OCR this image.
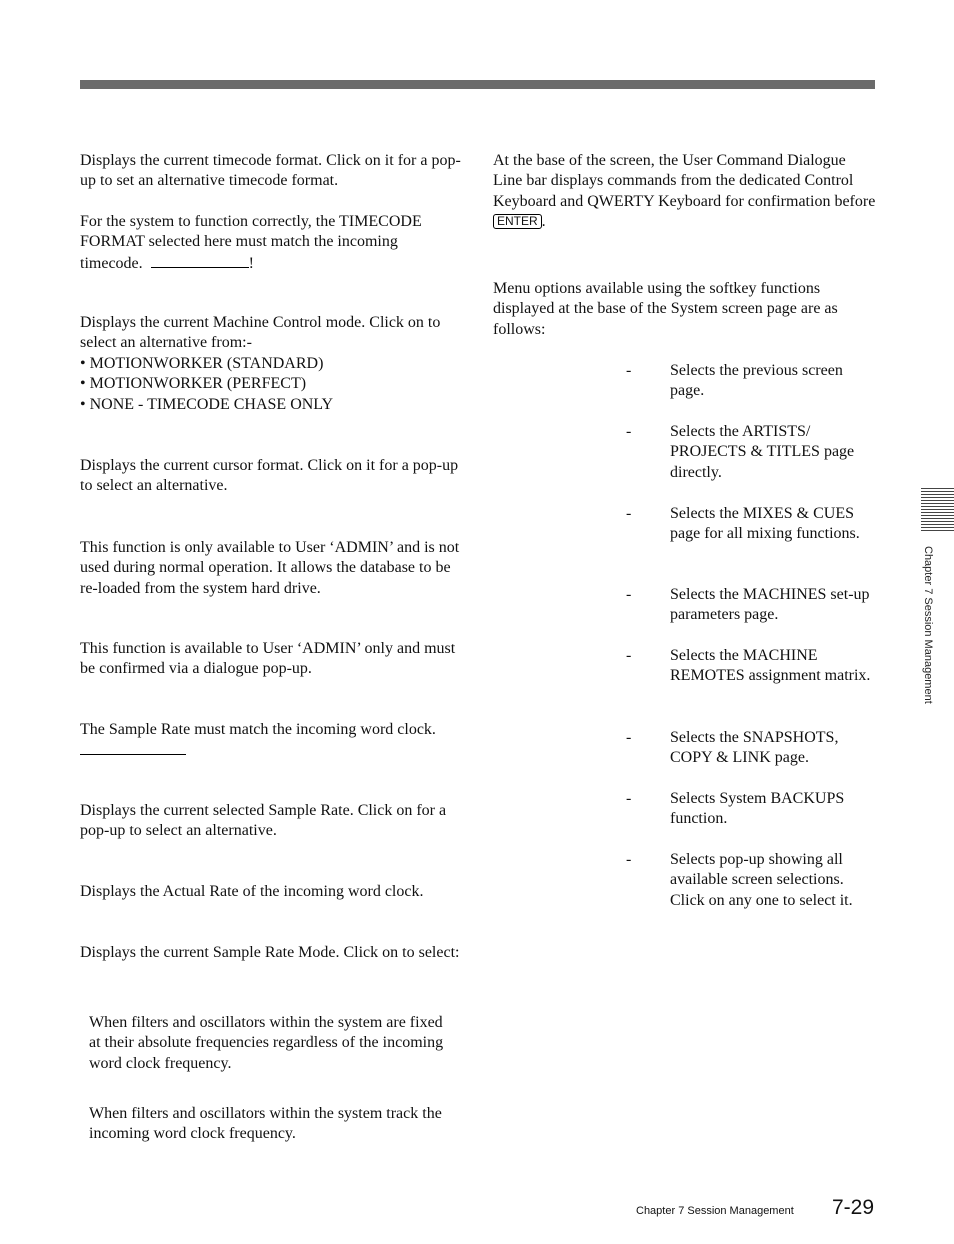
Displays the current timecode format. Click on it for a pop-up to set an alternative timecode format.

For the system to function correctly, the TIMECODE FORMAT selected here must match the incoming timecode.	!

Displays the current Machine Control mode. Click on to select an alternative from:-

• MOTIONWORKER (STANDARD)
• MOTIONWORKER (PERFECT)
• NONE - TIMECODE CHASE ONLY

Displays the current cursor format. Click on it for a pop-up to select an alternative.

This function is only available to User ‘ADMIN’ and is not used during normal operation. It allows the database to be re-loaded from the system hard drive.

This function is available to User ‘ADMIN’ only and must be confirmed via a dialogue pop-up.

The Sample Rate must match the incoming word clock.

Displays the current selected Sample Rate. Click on for a pop-up to select an alternative.

Displays the Actual Rate of the incoming word clock.

Displays the current Sample Rate Mode. Click on to select:

When filters and oscillators within the system are fixed at their absolute frequencies regardless of the incoming word clock frequency.

When filters and oscillators within the system track the incoming word clock frequency.

At the base of the screen, the User Command Dialogue Line bar displays commands from the dedicated Control Keyboard and QWERTY Keyboard for confirmation before ENTER .

Menu options available using the softkey functions displayed at the base of the System screen page are as follows:

- Selects the previous screen page.

- Selects the ARTISTS/ PROJECTS & TITLES page directly.

- Selects the MIXES & CUES page for all mixing functions.

- Selects the MACHINES set-up parameters page.

- Selects the MACHINE REMOTES assignment matrix.

- Selects the SNAPSHOTS, COPY & LINK page.

- Selects System BACKUPS function.

- Selects pop-up showing all available screen selections. Click on any one to select it.

Chapter 7 Session Management
Chapter 7 Session Management 7-29
